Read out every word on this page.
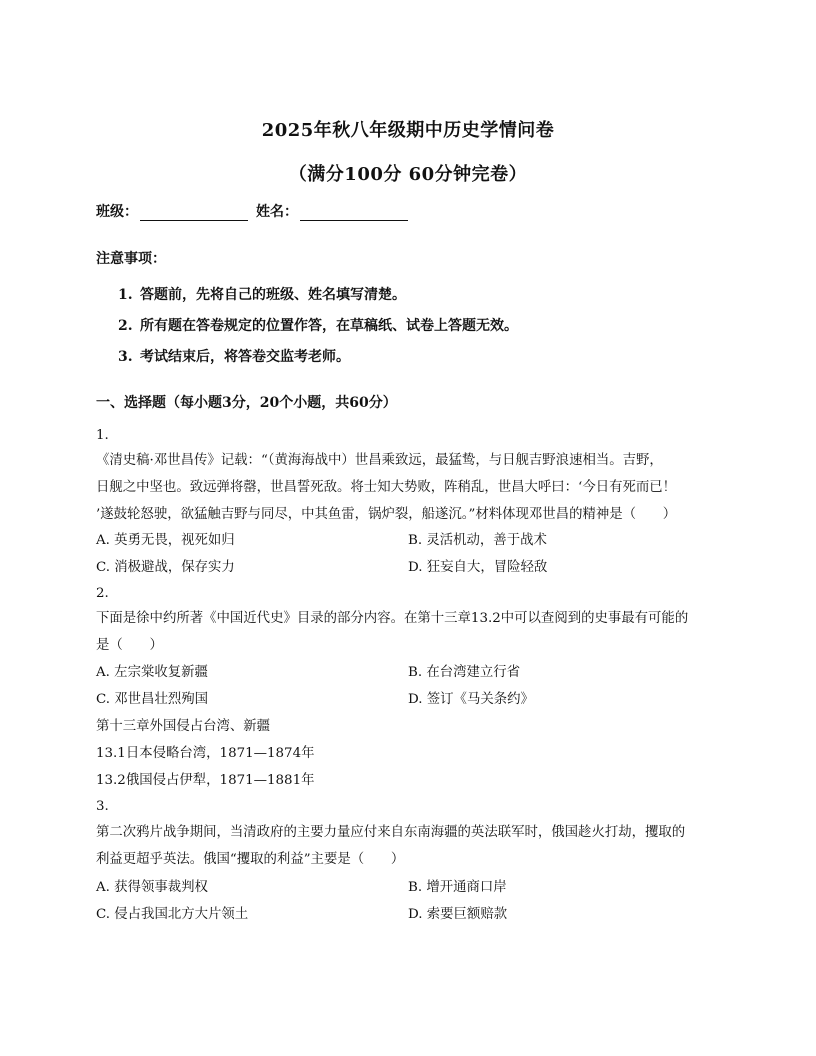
2025年秋八年级期中历史学情问卷
（满分100分 60分钟完卷）
班级：	姓名：
注意事项：
1. 答题前，先将自己的班级、姓名填写清楚。
2. 所有题在答卷规定的位置作答，在草稿纸、试卷上答题无效。
3. 考试结束后，将答卷交监考老师。
一、选择题（每小题3分，20个小题，共60分）
1.
《清史稿·邓世昌传》记载：“（黄海海战中）世昌乘致远，最猛鸷，与日舰吉野浪速相当。吉野，
日舰之中坚也。致远弹将罄，世昌誓死敌。将士知大势败，阵稍乱，世昌大呼曰：‘今日有死而已！
’遂鼓轮怒驶，欲猛触吉野与同尽，中其鱼雷，锅炉裂，船遂沉。”材料体现邓世昌的精神是（　　）
A. 英勇无畏，视死如归	B. 灵活机动，善于战术
C. 消极避战，保存实力	D. 狂妄自大，冒险轻敌
2.
下面是徐中约所著《中国近代史》目录的部分内容。在第十三章13.2中可以查阅到的史事最有可能的
是（　　）
A. 左宗棠收复新疆	B. 在台湾建立行省
C. 邓世昌壮烈殉国	D. 签订《马关条约》
第十三章外国侵占台湾、新疆
13.1日本侵略台湾，1871—1874年
13.2俄国侵占伊犁，1871—1881年
3.
第二次鸦片战争期间，当清政府的主要力量应付来自东南海疆的英法联军时，俄国趁火打劫，攫取的
利益更超乎英法。俄国“攫取的利益”主要是（　　）
A. 获得领事裁判权	B. 增开通商口岸
C. 侵占我国北方大片领土	D. 索要巨额赔款
